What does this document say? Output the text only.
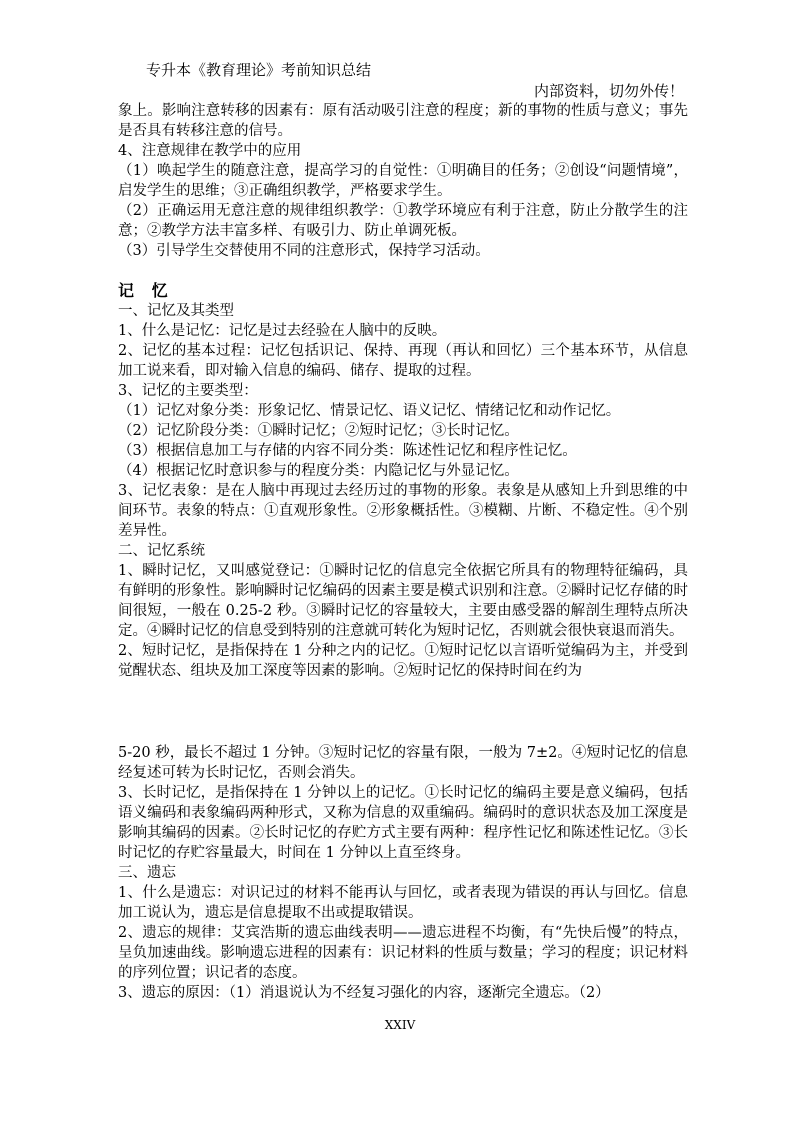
专升本《教育理论》考前知识总结
内部资料，切勿外传！

象上。影响注意转移的因素有：原有活动吸引注意的程度；新的事物的性质与意义；事先是否具有转移注意的信号。

4、注意规律在教学中的应用

（1）唤起学生的随意注意，提高学习的自觉性：①明确目的任务；②创设“问题情境”，启发学生的思维；③正确组织教学，严格要求学生。

（2）正确运用无意注意的规律组织教学：①教学环境应有利于注意，防止分散学生的注意；②教学方法丰富多样、有吸引力、防止单调死板。

（3）引导学生交替使用不同的注意形式，保持学习活动。

记 忆

一、记忆及其类型

1、什么是记忆：记忆是过去经验在人脑中的反映。

2、记忆的基本过程：记忆包括识记、保持、再现（再认和回忆）三个基本环节，从信息加工说来看，即对输入信息的编码、储存、提取的过程。

3、记忆的主要类型：

（1）记忆对象分类：形象记忆、情景记忆、语义记忆、情绪记忆和动作记忆。

（2）记忆阶段分类：①瞬时记忆；②短时记忆；③长时记忆。

（3）根据信息加工与存储的内容不同分类：陈述性记忆和程序性记忆。

（4）根据记忆时意识参与的程度分类：内隐记忆与外显记忆。

3、记忆表象：是在人脑中再现过去经历过的事物的形象。表象是从感知上升到思维的中间环节。表象的特点：①直观形象性。②形象概括性。③模糊、片断、不稳定性。④个别差异性。

二、记忆系统

1、瞬时记忆，又叫感觉登记：①瞬时记忆的信息完全依据它所具有的物理特征编码，具有鲜明的形象性。影响瞬时记忆编码的因素主要是模式识别和注意。②瞬时记忆存储的时间很短，一般在 0.25-2 秒。③瞬时记忆的容量较大，主要由感受器的解剖生理特点所决定。④瞬时记忆的信息受到特别的注意就可转化为短时记忆，否则就会很快衰退而消失。

2、短时记忆，是指保持在 1 分种之内的记忆。①短时记忆以言语听觉编码为主，并受到觉醒状态、组块及加工深度等因素的影响。②短时记忆的保持时间在约为

5-20 秒，最长不超过 1 分钟。③短时记忆的容量有限，一般为 7±2。④短时记忆的信息经复述可转为长时记忆，否则会消失。

3、长时记忆，是指保持在 1 分钟以上的记忆。①长时记忆的编码主要是意义编码，包括语义编码和表象编码两种形式，又称为信息的双重编码。编码时的意识状态及加工深度是影响其编码的因素。②长时记忆的存贮方式主要有两种：程序性记忆和陈述性记忆。③长时记忆的存贮容量最大，时间在 1 分钟以上直至终身。

三、遗忘

1、什么是遗忘：对识记过的材料不能再认与回忆，或者表现为错误的再认与回忆。信息加工说认为，遗忘是信息提取不出或提取错误。

2、遗忘的规律：艾宾浩斯的遗忘曲线表明——遗忘进程不均衡，有“先快后慢”的特点，呈负加速曲线。影响遗忘进程的因素有：识记材料的性质与数量；学习的程度；识记材料的序列位置；识记者的态度。

3、遗忘的原因：（1）消退说认为不经复习强化的内容，逐渐完全遗忘。（2）

XXIV
